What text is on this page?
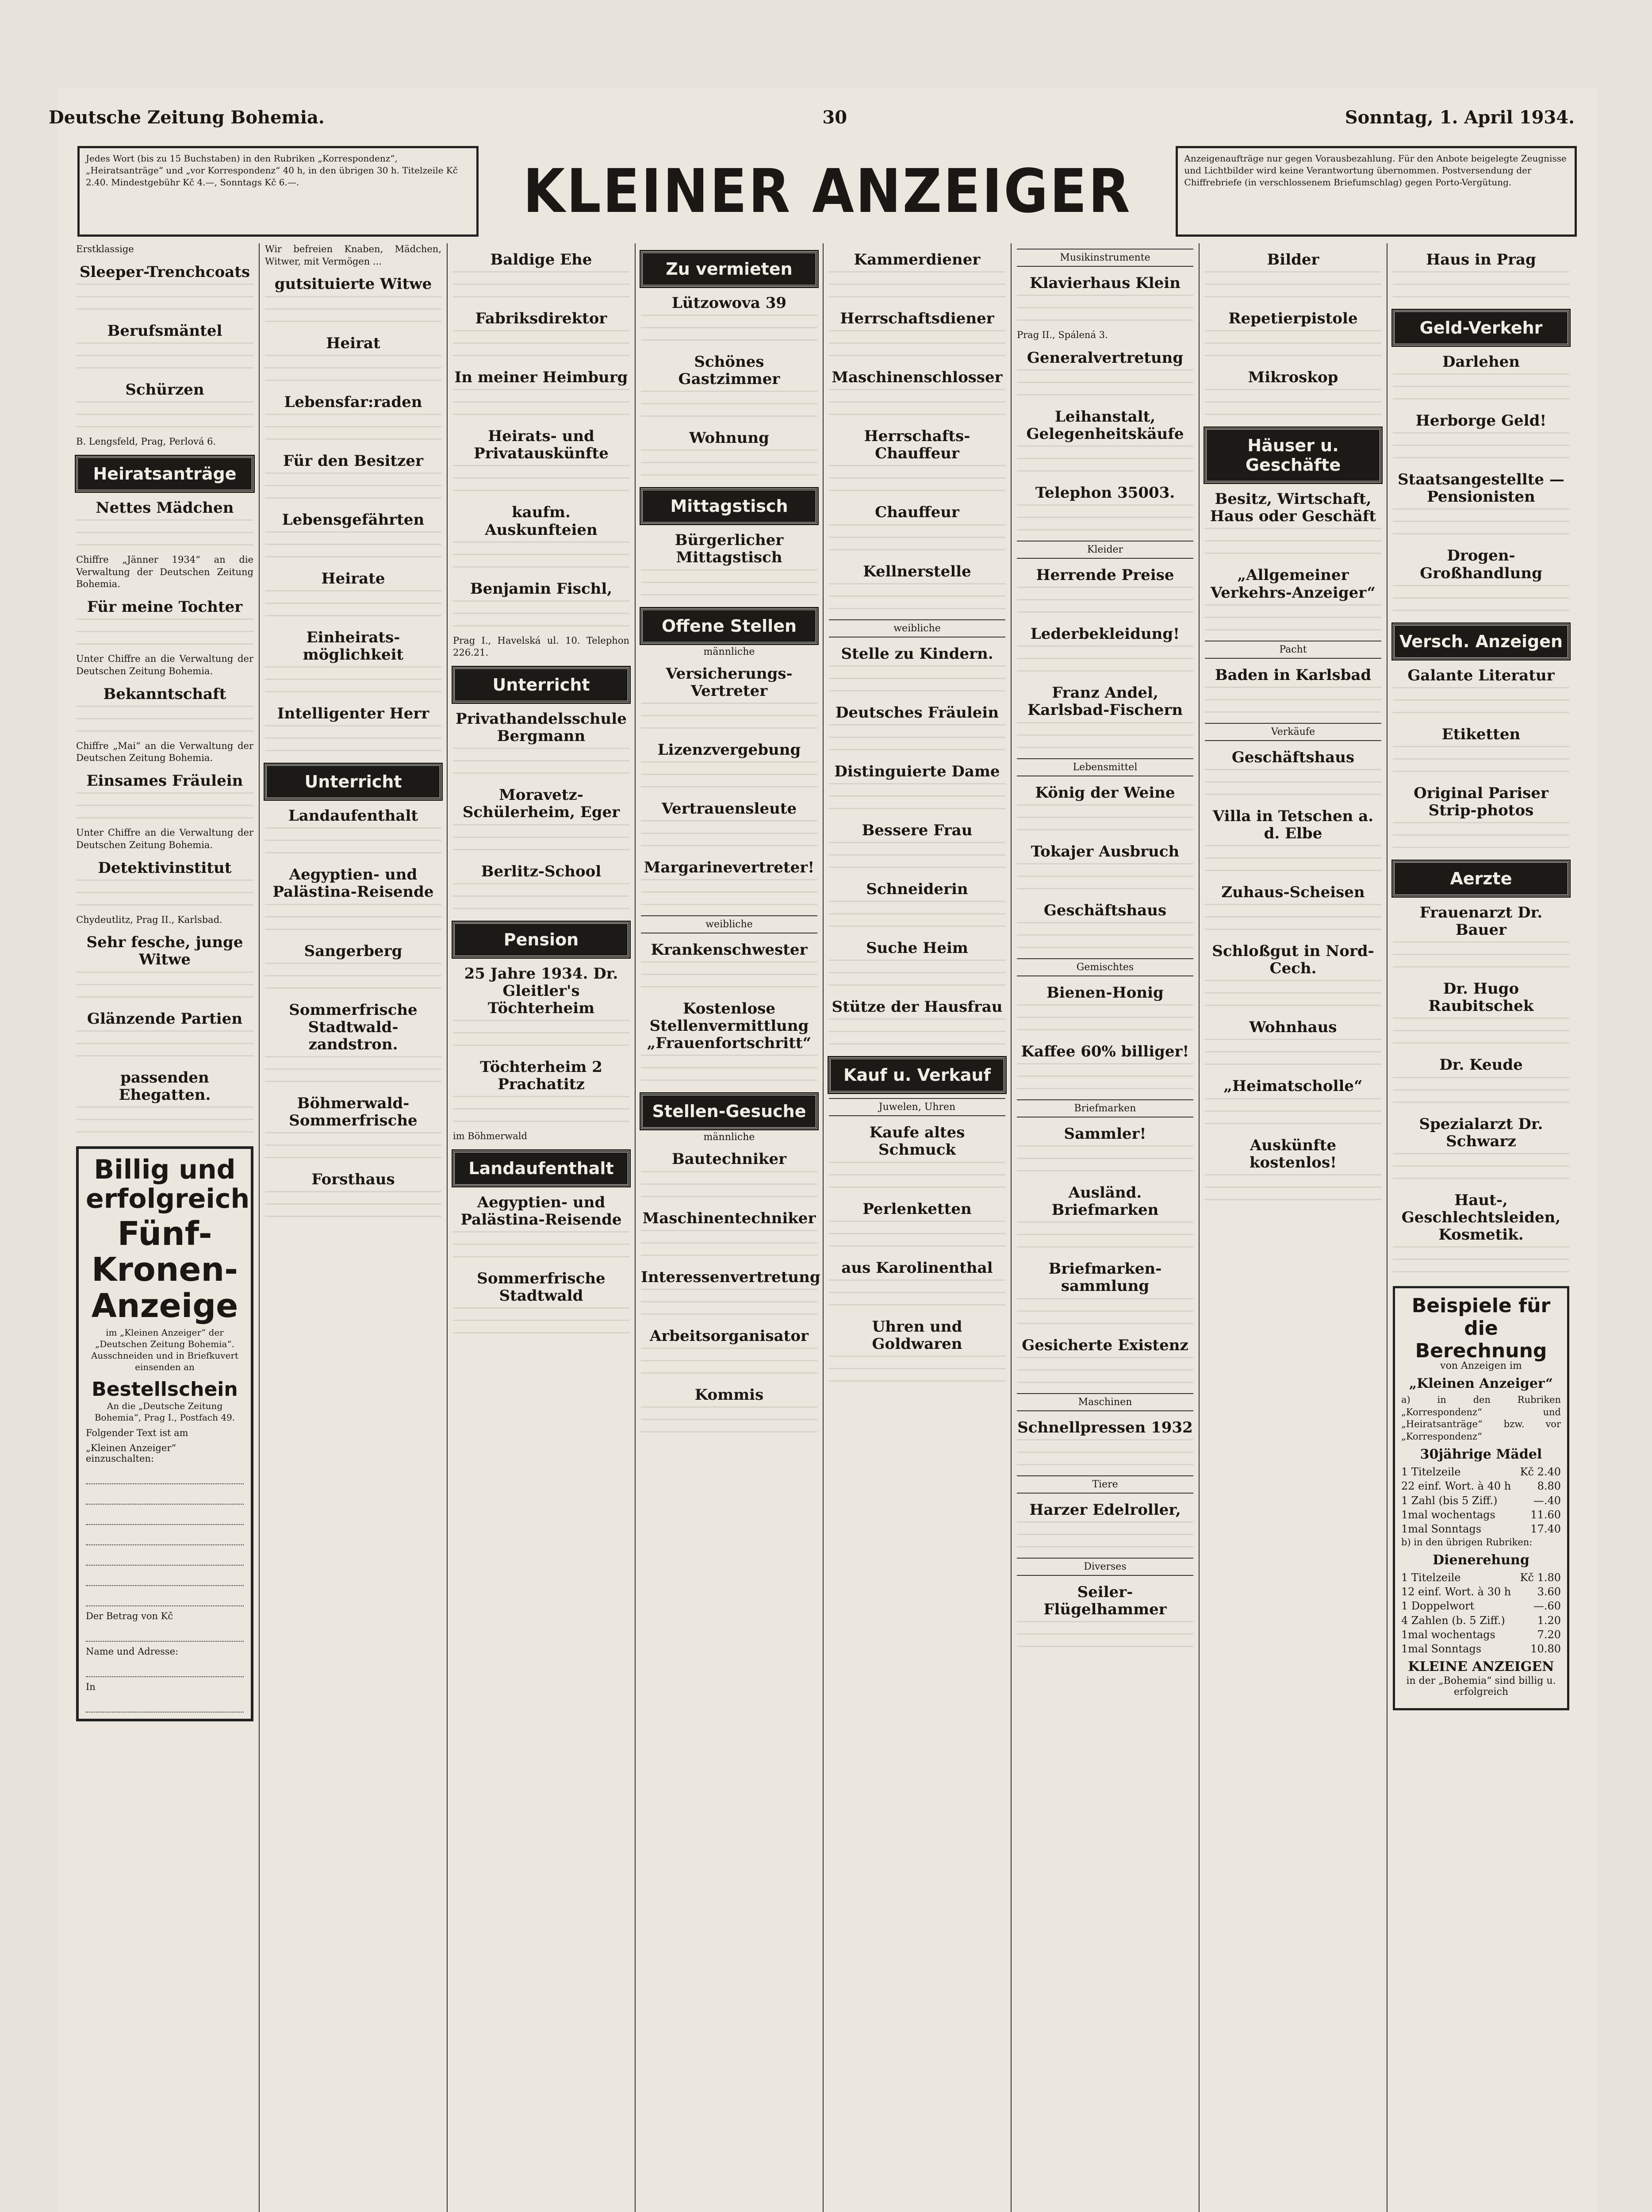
Deutsche Zeitung Bohemia.	30	Sonntag, 1. April 1934.
Jedes Wort (bis zu 15 Buchstaben) in den Rubriken „Korrespondenz“, „Heiratsanträge“ und „vor Korrespondenz“ 40 h, in den übrigen 30 h. Titelzeile Kč 2.40. Mindestgebühr Kč 4.—, Sonntags Kč 6.—.	KLEINER ANZEIGER	Anzeigenaufträge nur gegen Vorausbezahlung. Für den Anbote beigelegte Zeugnisse und Lichtbilder wird keine Verantwortung übernommen. Postversendung der Chiffrebriefe (in verschlossenem Briefumschlag) gegen Porto-Vergütung.
Erstklassige
Sleeper-Trenchcoats
Berufsmäntel
Schürzen
B. Lengsfeld, Prag, Perlová 6.
Heiratsanträge
Nettes Mädchen
Chiffre „Jänner 1934“ an die Verwaltung der Deutschen Zeitung Bohemia.
Für meine Tochter
Unter Chiffre an die Verwaltung der Deutschen Zeitung Bohemia.
Bekanntschaft
Chiffre „Mai“ an die Verwaltung der Deutschen Zeitung Bohemia.
Einsames Fräulein
Unter Chiffre an die Verwaltung der Deutschen Zeitung Bohemia.
Detektivinstitut
Chydeutlitz, Prag II., Karlsbad.
Sehr fesche, junge Witwe
Glänzende Partien
passenden Ehegatten.
Billig und erfolgreich
Fünf-Kronen-Anzeige
im „Kleinen Anzeiger“ der „Deutschen Zeitung Bohemia“.
Ausschneiden und in Briefkuvert einsenden an
Bestellschein
An die „Deutsche Zeitung Bohemia“, Prag I., Postfach 49.
Folgender Text ist am
„Kleinen Anzeiger“ einzuschalten:
Der Betrag von Kč
Name und Adresse:
In
Wir befreien Knaben, Mädchen, Witwer, mit Vermögen ...
gutsituierte Witwe
Heirat
Lebensfar:raden
Für den Besitzer
Lebensgefährten
Heirate
Einheirats-möglichkeit
Intelligenter Herr
Unterricht
Landaufenthalt
Aegyptien- und Palästina-Reisende
Sangerberg
Sommerfrische Stadtwald-zandstron.
Böhmerwald-Sommerfrische
Forsthaus
Baldige Ehe
Fabriksdirektor
In meiner Heimburg
Heirats- und Privatauskünfte
kaufm. Auskunfteien
Benjamin Fischl,
Prag I., Havelská ul. 10. Telephon 226.21.
Unterricht
Privathandelsschule Bergmann
Moravetz-Schülerheim, Eger
Berlitz-School
Pension
25 Jahre 1934. Dr. Gleitler's Töchterheim
Töchterheim 2 Prachatitz
im Böhmerwald
Landaufenthalt
Aegyptien- und Palästina-Reisende
Sommerfrische Stadtwald
Zu vermieten
Lützowova 39
Schönes Gastzimmer
Wohnung
Mittagstisch
Bürgerlicher Mittagstisch
Offene Stellen
männliche
Versicherungs-Vertreter
Lizenzvergebung
Vertrauensleute
Margarinevertreter!
weibliche
Krankenschwester
Kostenlose Stellenvermittlung „Frauenfortschritt“
Stellen-Gesuche
männliche
Bautechniker
Maschinentechniker
Interessenvertretung
Arbeitsorganisator
Kommis
Kammerdiener
Herrschaftsdiener
Maschinenschlosser
Herrschafts-Chauffeur
Chauffeur
Kellnerstelle
weibliche
Stelle zu Kindern.
Deutsches Fräulein
Distinguierte Dame
Bessere Frau
Schneiderin
Suche Heim
Stütze der Hausfrau
Kauf u. Verkauf
Juwelen, Uhren
Kaufe altes Schmuck
Perlenketten
aus Karolinenthal
Uhren und Goldwaren
Musikinstrumente
Klavierhaus Klein
Prag II., Spálená 3.
Generalvertretung
Leihanstalt, Gelegenheitskäufe
Telephon 35003.
Kleider
Herrende Preise
Lederbekleidung!
Franz Andel, Karlsbad-Fischern
Lebensmittel
König der Weine
Tokajer Ausbruch
Geschäftshaus
Gemischtes
Bienen-Honig
Kaffee 60% billiger!
Briefmarken
Sammler!
Ausländ. Briefmarken
Briefmarken-sammlung
Gesicherte Existenz
Maschinen
Schnellpressen 1932
Tiere
Harzer Edelroller,
Diverses
Seiler-Flügelhammer
Bilder
Repetierpistole
Mikroskop
Häuser u. Geschäfte
Besitz, Wirtschaft, Haus oder Geschäft
„Allgemeiner Verkehrs-Anzeiger“
Pacht
Baden in Karlsbad
Verkäufe
Geschäftshaus
Villa in Tetschen a. d. Elbe
Zuhaus-Scheisen
Schloßgut in Nord-Cech.
Wohnhaus
„Heimatscholle“
Auskünfte kostenlos!
Haus in Prag
Geld-Verkehr
Darlehen
Herborge Geld!
Staatsangestellte — Pensionisten
Drogen-Großhandlung
Versch. Anzeigen
Galante Literatur
Etiketten
Original Pariser Strip-photos
Aerzte
Frauenarzt Dr. Bauer
Dr. Hugo Raubitschek
Dr. Keude
Spezialarzt Dr. Schwarz
Haut-, Geschlechtsleiden, Kosmetik.
Beispiele für die Berechnung
von Anzeigen im
„Kleinen Anzeiger“
a) in den Rubriken „Korrespondenz“ und „Heiratsanträge“ bzw. vor „Korrespondenz“
30jährige Mädel
1 Titelzeile	Kč 2.40
22 einf. Wort. à 40 h 8.80
1 Zahl (bis 5 Ziff.)	—.40
1mal wochentags	11.60
1mal Sonntags	17.40
b) in den übrigen Rubriken:
Dienerehung
1 Titelzeile	Kč 1.80
12 einf. Wort. à 30 h 3.60
1 Doppelwort	—.60
4 Zahlen (b. 5 Ziff.)	1.20
1mal wochentags	7.20
1mal Sonntags	10.80
KLEINE ANZEIGEN
in der „Bohemia“ sind billig u. erfolgreich
